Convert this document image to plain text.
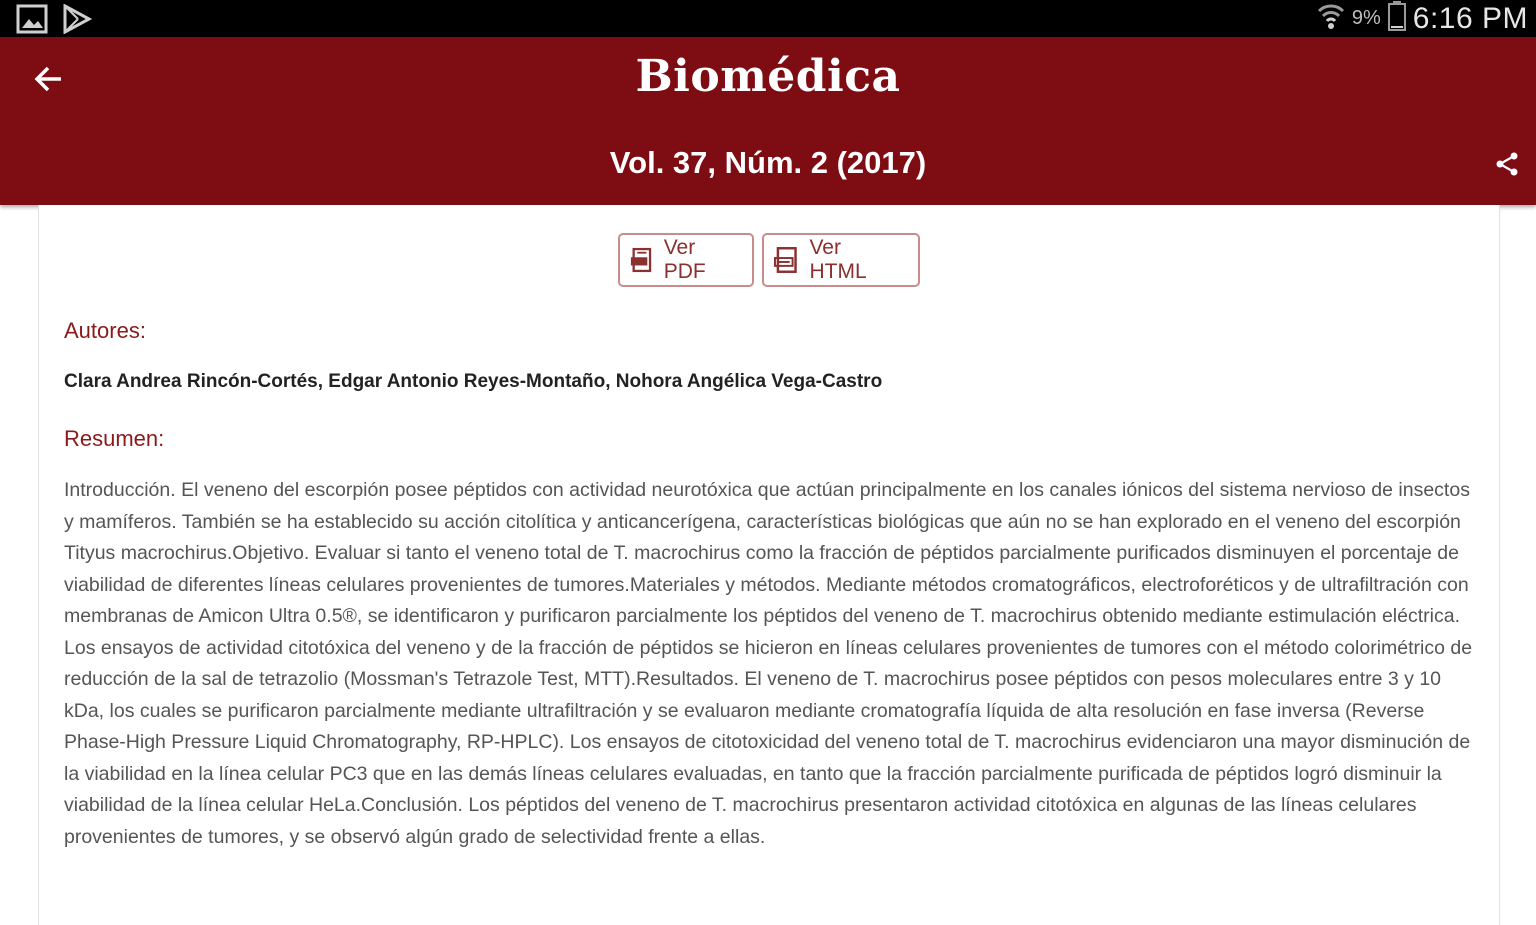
9% 6:16 PM
Biomédica
Vol. 37, Núm. 2 (2017)
Ver PDF
Ver HTML
Autores:
Clara Andrea Rincón-Cortés, Edgar Antonio Reyes-Montaño, Nohora Angélica Vega-Castro
Resumen:
Introducción. El veneno del escorpión posee péptidos con actividad neurotóxica que actúan principalmente en los canales iónicos del sistema nervioso de insectos y mamíferos. También se ha establecido su acción citolítica y anticancerígena, características biológicas que aún no se han explorado en el veneno del escorpión Tityus macrochirus.Objetivo. Evaluar si tanto el veneno total de T. macrochirus como la fracción de péptidos parcialmente purificados disminuyen el porcentaje de viabilidad de diferentes líneas celulares provenientes de tumores.Materiales y métodos. Mediante métodos cromatográficos, electroforéticos y de ultrafiltración con membranas de Amicon Ultra 0.5®, se identificaron y purificaron parcialmente los péptidos del veneno de T. macrochirus obtenido mediante estimulación eléctrica. Los ensayos de actividad citotóxica del veneno y de la fracción de péptidos se hicieron en líneas celulares provenientes de tumores con el método colorimétrico de reducción de la sal de tetrazolio (Mossman's Tetrazole Test, MTT).Resultados. El veneno de T. macrochirus posee péptidos con pesos moleculares entre 3 y 10 kDa, los cuales se purificaron parcialmente mediante ultrafiltración y se evaluaron mediante cromatografía líquida de alta resolución en fase inversa (Reverse Phase-High Pressure Liquid Chromatography, RP-HPLC). Los ensayos de citotoxicidad del veneno total de T. macrochirus evidenciaron una mayor disminución de la viabilidad en la línea celular PC3 que en las demás líneas celulares evaluadas, en tanto que la fracción parcialmente purificada de péptidos logró disminuir la viabilidad de la línea celular HeLa.Conclusión. Los péptidos del veneno de T. macrochirus presentaron actividad citotóxica en algunas de las líneas celulares provenientes de tumores, y se observó algún grado de selectividad frente a ellas.
